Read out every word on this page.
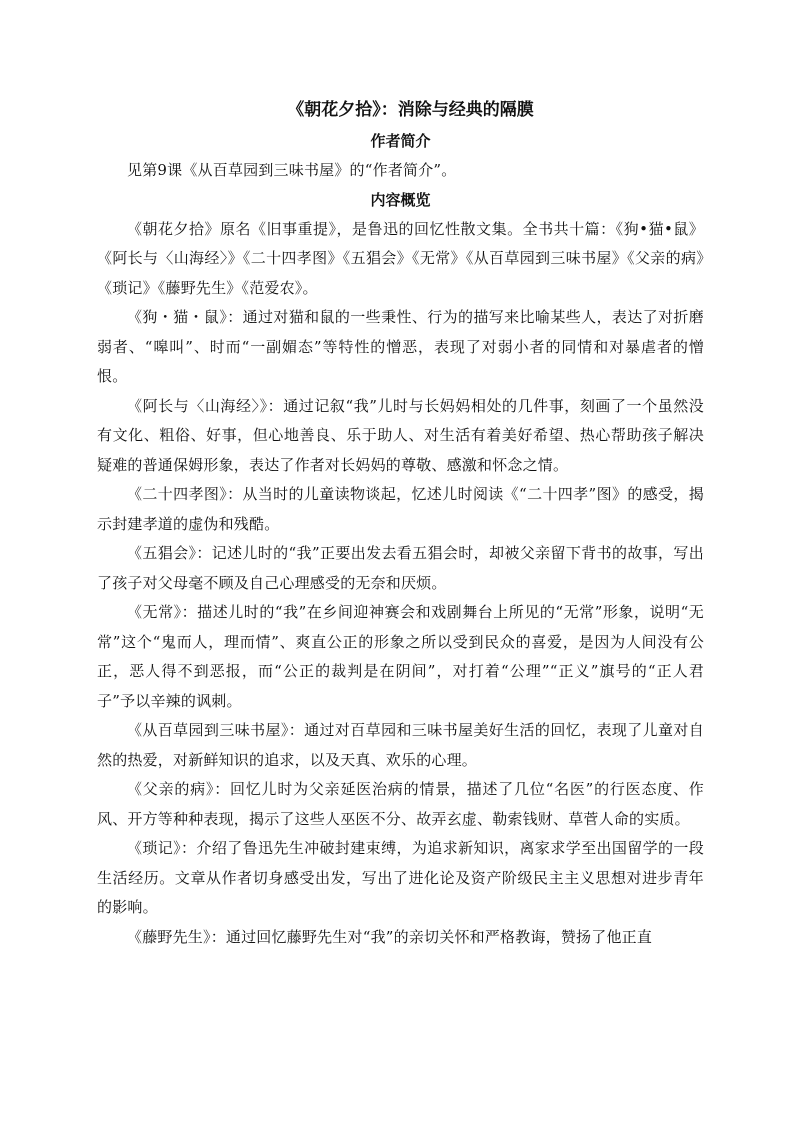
《朝花夕拾》：消除与经典的隔膜
作者简介

见第9课《从百草园到三味书屋》的“作者简介”。

内容概览

《朝花夕拾》原名《旧事重提》，是鲁迅的回忆性散文集。全书共十篇：《狗•猫•鼠》《阿长与〈山海经〉》《二十四孝图》《五猖会》《无常》《从百草园到三味书屋》《父亲的病》《琐记》《藤野先生》《范爱农》。

《狗・猫・鼠》：通过对猫和鼠的一些秉性、行为的描写来比喻某些人，表达了对折磨弱者、“嗥叫”、时而“一副媚态”等特性的憎恶，表现了对弱小者的同情和对暴虐者的憎恨。

《阿长与〈山海经〉》：通过记叙“我”儿时与长妈妈相处的几件事，刻画了一个虽然没有文化、粗俗、好事，但心地善良、乐于助人、对生活有着美好希望、热心帮助孩子解决疑难的普通保姆形象，表达了作者对长妈妈的尊敬、感激和怀念之情。

《二十四孝图》：从当时的儿童读物谈起，忆述儿时阅读《“二十四孝”图》的感受，揭示封建孝道的虚伪和残酷。

《五猖会》：记述儿时的“我”正要出发去看五猖会时，却被父亲留下背书的故事，写出了孩子对父母毫不顾及自己心理感受的无奈和厌烦。

《无常》：描述儿时的“我”在乡间迎神赛会和戏剧舞台上所见的“无常”形象，说明“无常”这个“鬼而人，理而情”、爽直公正的形象之所以受到民众的喜爱，是因为人间没有公正，恶人得不到恶报，而“公正的裁判是在阴间”，对打着“公理”“正义”旗号的“正人君子”予以辛辣的讽刺。

《从百草园到三味书屋》：通过对百草园和三味书屋美好生活的回忆，表现了儿童对自然的热爱，对新鲜知识的追求，以及天真、欢乐的心理。

《父亲的病》：回忆儿时为父亲延医治病的情景，描述了几位“名医”的行医态度、作风、开方等种种表现，揭示了这些人巫医不分、故弄玄虚、勒索钱财、草菅人命的实质。

《琐记》：介绍了鲁迅先生冲破封建束缚，为追求新知识，离家求学至出国留学的一段生活经历。文章从作者切身感受出发，写出了进化论及资产阶级民主主义思想对进步青年的影响。

《藤野先生》：通过回忆藤野先生对“我”的亲切关怀和严格教诲，赞扬了他正直
